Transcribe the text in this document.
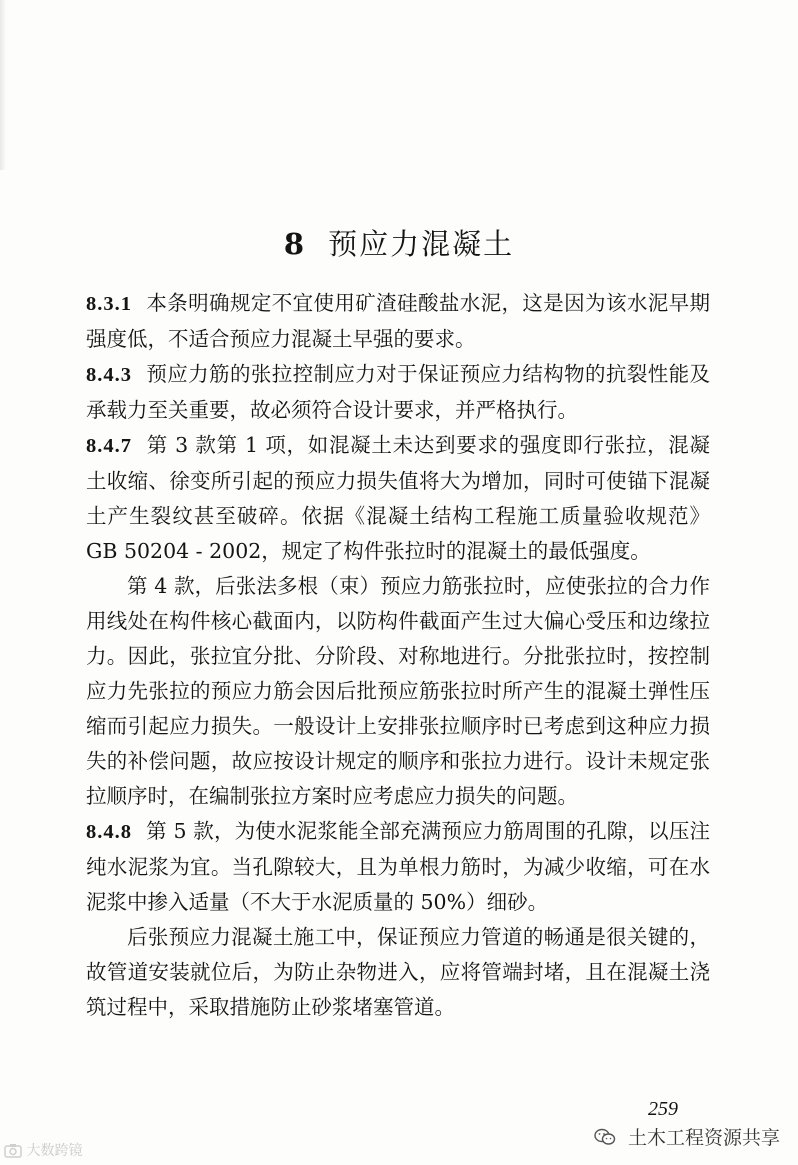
8 预应力混凝土

8.3.1 本条明确规定不宜使用矿渣硅酸盐水泥，这是因为该水泥早期强度低，不适合预应力混凝土早强的要求。

8.4.3 预应力筋的张拉控制应力对于保证预应力结构物的抗裂性能及承载力至关重要，故必须符合设计要求，并严格执行。

8.4.7 第 3 款第 1 项，如混凝土未达到要求的强度即行张拉，混凝土收缩、徐变所引起的预应力损失值将大为增加，同时可使锚下混凝土产生裂纹甚至破碎。依据《混凝土结构工程施工质量验收规范》GB 50204 - 2002，规定了构件张拉时的混凝土的最低强度。

第 4 款，后张法多根（束）预应力筋张拉时，应使张拉的合力作用线处在构件核心截面内，以防构件截面产生过大偏心受压和边缘拉力。因此，张拉宜分批、分阶段、对称地进行。分批张拉时，按控制应力先张拉的预应力筋会因后批预应筋张拉时所产生的混凝土弹性压缩而引起应力损失。一般设计上安排张拉顺序时已考虑到这种应力损失的补偿问题，故应按设计规定的顺序和张拉力进行。设计未规定张拉顺序时，在编制张拉方案时应考虑应力损失的问题。

8.4.8 第 5 款，为使水泥浆能全部充满预应力筋周围的孔隙，以压注纯水泥浆为宜。当孔隙较大，且为单根力筋时，为减少收缩，可在水泥浆中掺入适量（不大于水泥质量的 50%）细砂。

后张预应力混凝土施工中，保证预应力管道的畅通是很关键的，故管道安装就位后，为防止杂物进入，应将管端封堵，且在混凝土浇筑过程中，采取措施防止砂浆堵塞管道。

259
大数跨镜
土木工程资源共享
